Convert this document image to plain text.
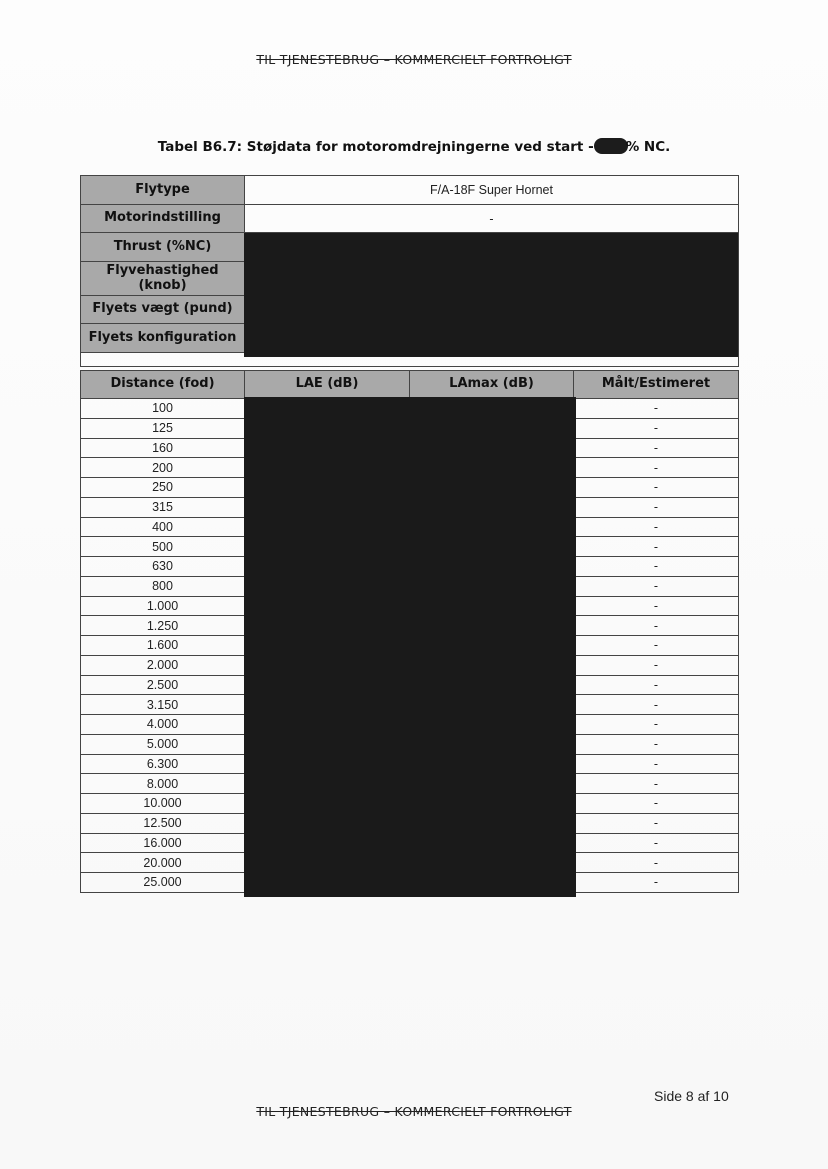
TIL TJENESTEBRUG – KOMMERCIELT FORTROLIGT
Tabel B6.7: Støjdata for motoromdrejningerne ved start - % NC.
Flytype	F/A-18F Super Hornet
Motorindstilling	-
Thrust (%NC)	
Flyvehastighed (knob)	
Flyets vægt (pund)	
Flyets konfiguration	

Distance (fod)	LAE (dB)	LAmax (dB)	Målt/Estimeret
100			-
125			-
160			-
200			-
250			-
315			-
400			-
500			-
630			-
800			-
1.000			-
1.250			-
1.600			-
2.000			-
2.500			-
3.150			-
4.000			-
5.000			-
6.300			-
8.000			-
10.000			-
12.500			-
16.000			-
20.000			-
25.000			-
Side 8 af 10
TIL TJENESTEBRUG – KOMMERCIELT FORTROLIGT
